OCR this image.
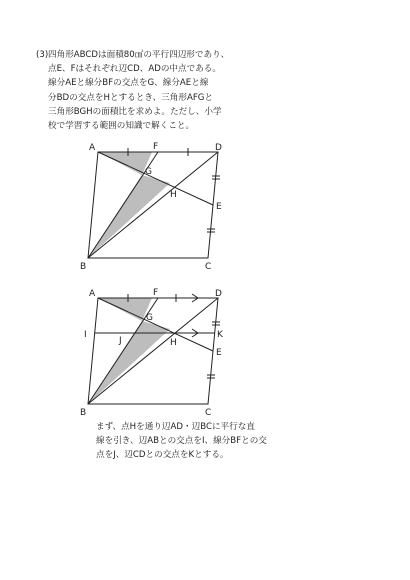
(3) 四角形ABCDは面積80㎠の平行四辺形であり、
点E、Fはそれぞれ辺CD、ADの中点である。
線分AEと線分BFの交点をG、線分AEと線
分BDの交点をHとするとき、三角形AFGと
三角形BGHの面積比を求めよ。ただし、小学
校で学習する範囲の知識で解くこと。
A	F	D
G
H
E
B	C
A	F	D
G
I
J	H
K
E
B	C
まず、点Hを通り辺AD・辺BCに平行な直
線を引き、辺ABとの交点をI、線分BFとの交
点をJ、辺CDとの交点をKとする。
